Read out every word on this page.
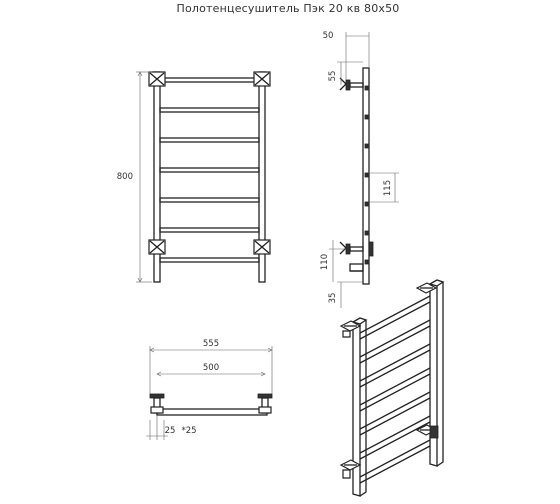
Полотенцесушитель Пэк 20 кв 80х50
800
50
55
115
110
35
555
500
25 *25
